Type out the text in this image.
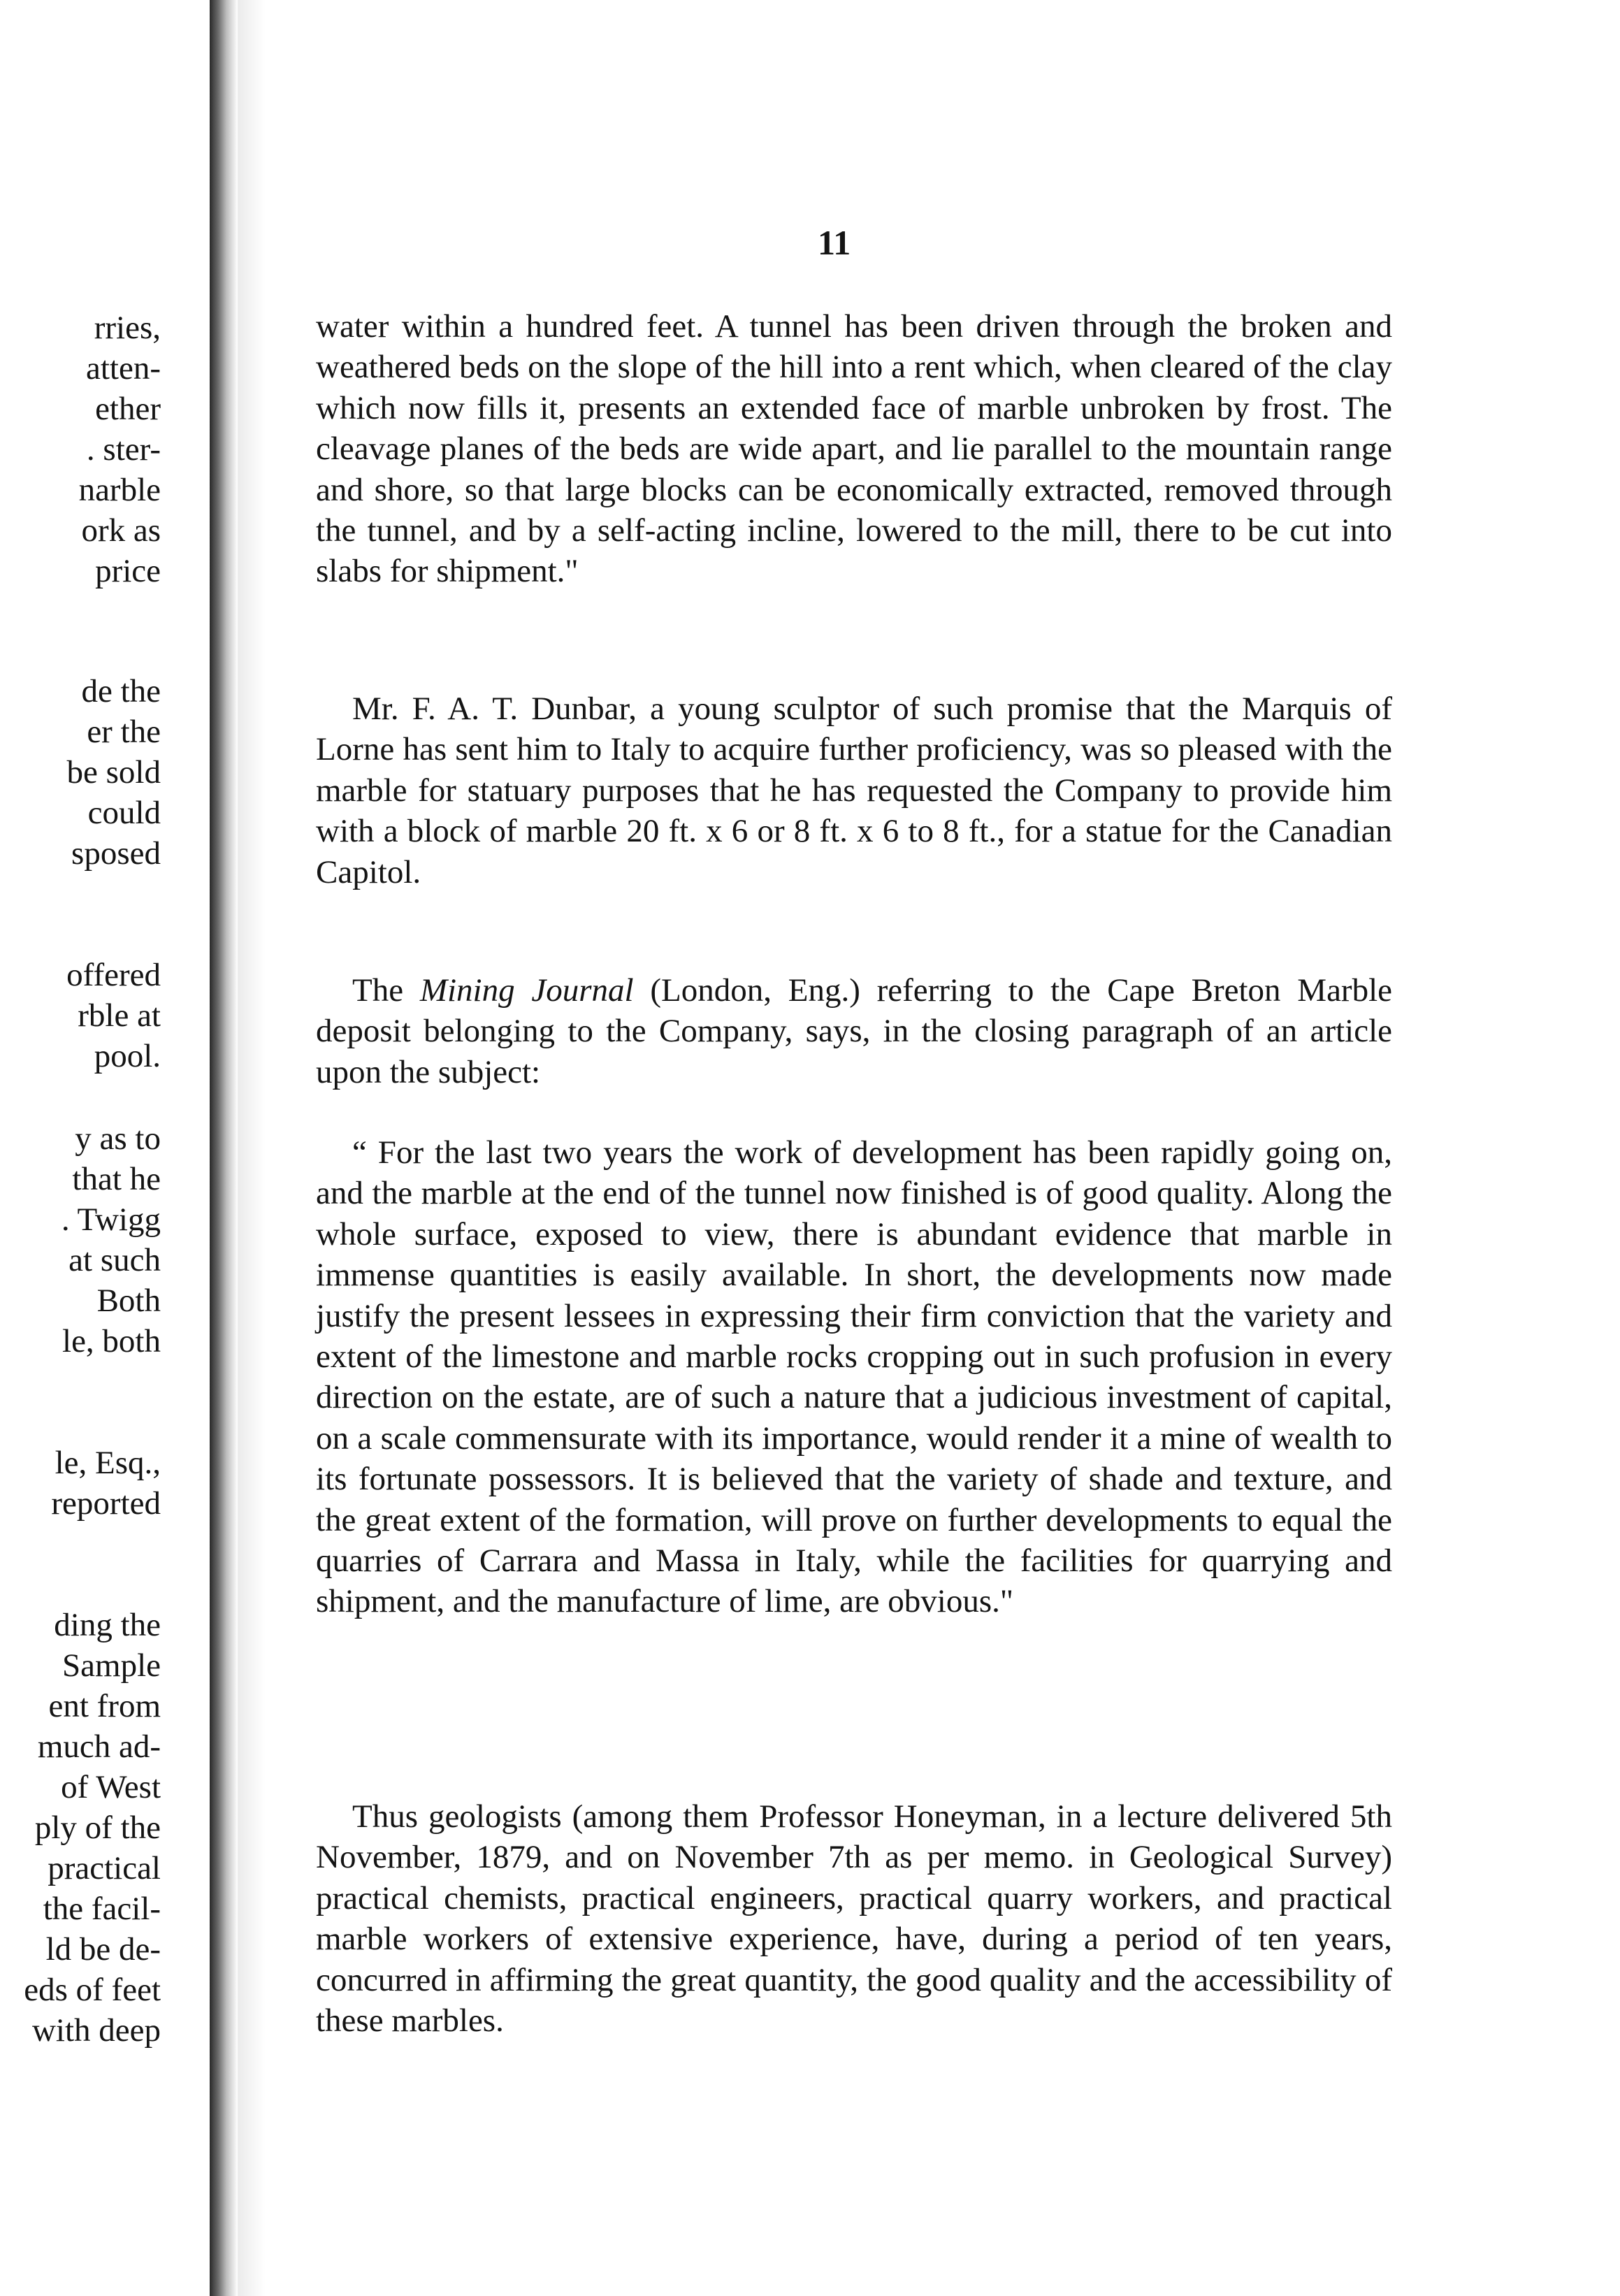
rries,
atten-
ether
. ster-
narble
ork as
price
de the
er the
be sold
could
sposed
offered
rble at
pool.
y as to
that he
. Twigg
at such
Both
le, both
le, Esq.,
reported
ding the
Sample
ent from
much ad-
of West
ply of the
practical
the facil-
ld be de-
eds of feet
with deep
11

water within a hundred feet. A tunnel has been driven through the broken and weathered beds on the slope of the hill into a rent which, when cleared of the clay which now fills it, presents an extended face of marble unbroken by frost. The cleavage planes of the beds are wide apart, and lie parallel to the mountain range and shore, so that large blocks can be economically extracted, removed through the tunnel, and by a self-acting incline, lowered to the mill, there to be cut into slabs for shipment."

Mr. F. A. T. Dunbar, a young sculptor of such promise that the Marquis of Lorne has sent him to Italy to acquire further proficiency, was so pleased with the marble for statuary purposes that he has requested the Company to provide him with a block of marble 20 ft. x 6 or 8 ft. x 6 to 8 ft., for a statue for the Canadian Capitol.

The Mining Journal (London, Eng.) referring to the Cape Breton Marble deposit belonging to the Company, says, in the closing paragraph of an article upon the subject:

“ For the last two years the work of development has been rapidly going on, and the marble at the end of the tunnel now finished is of good quality. Along the whole surface, exposed to view, there is abundant evidence that marble in immense quantities is easily available. In short, the developments now made justify the present lessees in expressing their firm conviction that the variety and extent of the limestone and marble rocks cropping out in such profusion in every direction on the estate, are of such a nature that a judicious investment of capital, on a scale commensurate with its importance, would render it a mine of wealth to its fortunate possessors. It is believed that the variety of shade and texture, and the great extent of the formation, will prove on further developments to equal the quarries of Carrara and Massa in Italy, while the facilities for quarrying and shipment, and the manufacture of lime, are obvious."

Thus geologists (among them Professor Honeyman, in a lecture delivered 5th November, 1879, and on November 7th as per memo. in Geological Survey) practical chemists, practical engineers, practical quarry workers, and practical marble workers of extensive experience, have, during a period of ten years, concurred in affirming the great quantity, the good quality and the accessibility of these marbles.
